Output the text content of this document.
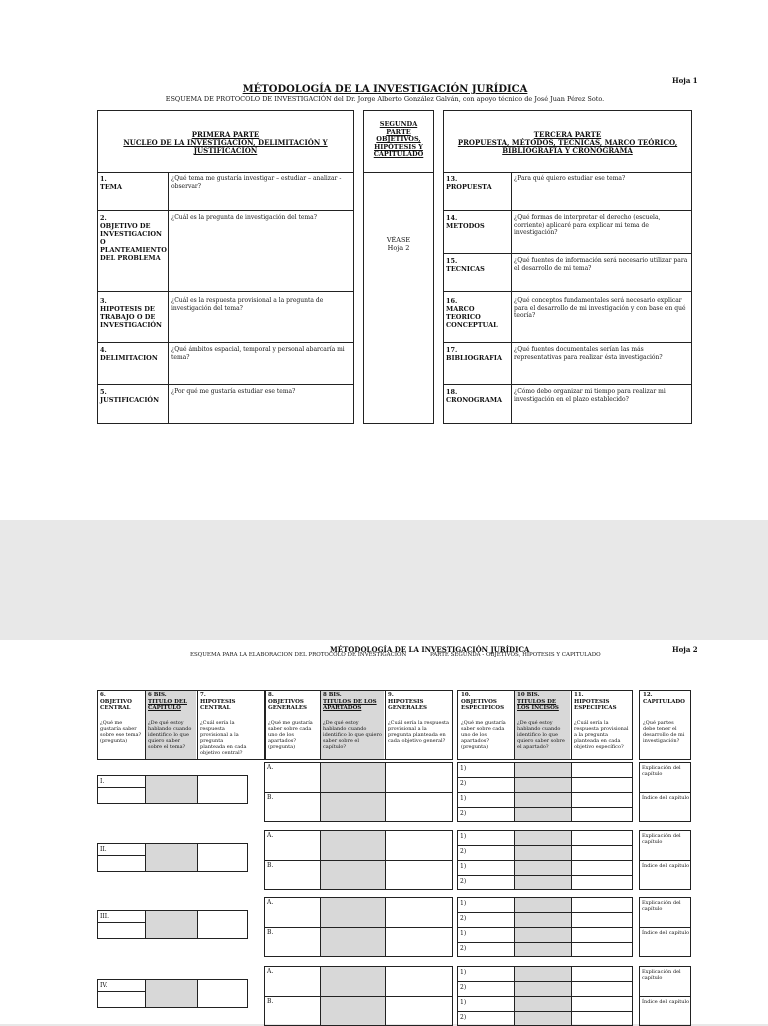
Hoja 1
MÉTODOLOGÍA DE LA INVESTIGACIÓN JURÍDICA
ESQUEMA DE PROTOCOLO DE INVESTIGACIÓN del Dr. Jorge Alberto González Galván, con apoyo técnico de José Juan Pérez Soto.
PRIMERA PARTE
NUCLEO DE LA INVESTIGACIÓN, DELIMITACIÓN Y
JUSTIFICACIÓN
1.
TEMA
¿Qué tema me gustaría investigar – estudiar – analizar - observar?
2.
OBJETIVO DE
INVESTIGACION O
PLANTEAMIENTO
DEL PROBLEMA
¿Cuál es la pregunta de investigación del tema?
3.
HIPOTESIS DE
TRABAJO O DE
INVESTIGACIÓN
¿Cuál es la respuesta provisional a la pregunta de investigación del tema?
4.
DELIMITACION
¿Qué ámbitos espacial, temporal y personal abarcaría mi tema?
5.
JUSTIFICACIÓN
¿Por qué me gustaría estudiar ese tema?
SEGUNDA
PARTE
OBJETIVOS,
HIPÓTESIS Y
CAPITULADO
VÉASE
Hoja 2
TERCERA PARTE
PROPUESTA, MÉTODOS, TÉCNICAS, MARCO TEÓRICO,
BIBLIOGRAFÍA Y CRONOGRAMA
13.
PROPUESTA
¿Para qué quiero estudiar ese tema?
14.
METODOS
¿Qué formas de interpretar el derecho (escuela, corriente) aplicaré para explicar mi tema de investigación?
15.
TECNICAS
¿Qué fuentes de información será necesario utilizar para el desarrollo de mi tema?
16.
MARCO
TEORICO
CONCEPTUAL
¿Qué conceptos fundamentales será necesario explicar para el desarrollo de mi investigación y con base en qué teoría?
17.
BIBLIOGRAFIA
¿Qué fuentes documentales serían las más representativas para realizar ésta investigación?
18.
CRONOGRAMA
¿Cómo debo organizar mi tiempo para realizar mi investigación en el plazo establecido?
MÉTODOLOGÍA DE LA INVESTIGACIÓN JURÍDICA	Hoja 2
ESQUEMA PARA LA ELABORACION DEL PROTOCOLO DE INVESTIGACION	PARTE SEGUNDA - OBJETIVOS, HIPOTESIS Y CAPITULADO
6.
OBJETIVO
CENTRAL
¿Qué me gustaría saber sobre ese tema? (pregunta)
6 BIS.
TITULO DEL
CAPITULO
¿De qué estoy hablando cuando identifico lo que quiero saber sobre el tema?
7.
HIPOTESIS
CENTRAL
¿Cuál sería la respuesta provisional a la pregunta planteada en cada objetivo central?
8.
OBJETIVOS
GENERALES
¿Qué me gustaría saber sobre cada uno de los apartados? (pregunta)
8 BIS.
TITULOS DE LOS
APARTADOS
¿De qué estoy hablando cuando identifico lo que quiero saber sobre el capítulo?
9.
HIPOTESIS
GENERALES
¿Cuál sería la respuesta provisional a la pregunta planteada en cada objetivo general?
10.
OBJETIVOS
ESPECIFICOS
¿Qué me gustaría saber sobre cada uno de los apartados? (pregunta)
10 BIS.
TITULOS DE
LOS INCISOS
¿De qué estoy hablando cuando identifico lo que quiero saber sobre el apartado?
11.
HIPOTESIS
ESPECIFICAS
¿Cuál sería la respuesta provisional a la pregunta planteada en cada objetivo específico?
12.
CAPITULADO
¿Qué partes debe tener el desarrollo de mi investigación?
I.
A.
B.
1)
2)
1)
2)
Explicación del capítulo
Índice del capítulo
II.
A.
B.
1)
2)
1)
2)
Explicación del capítulo
Índice del capítulo
III.
A.
B.
1)
2)
1)
2)
Explicación del capítulo
Índice del capítulo
IV.
A.
B.
1)
2)
1)
2)
Explicación del capítulo
Índice del capítulo
